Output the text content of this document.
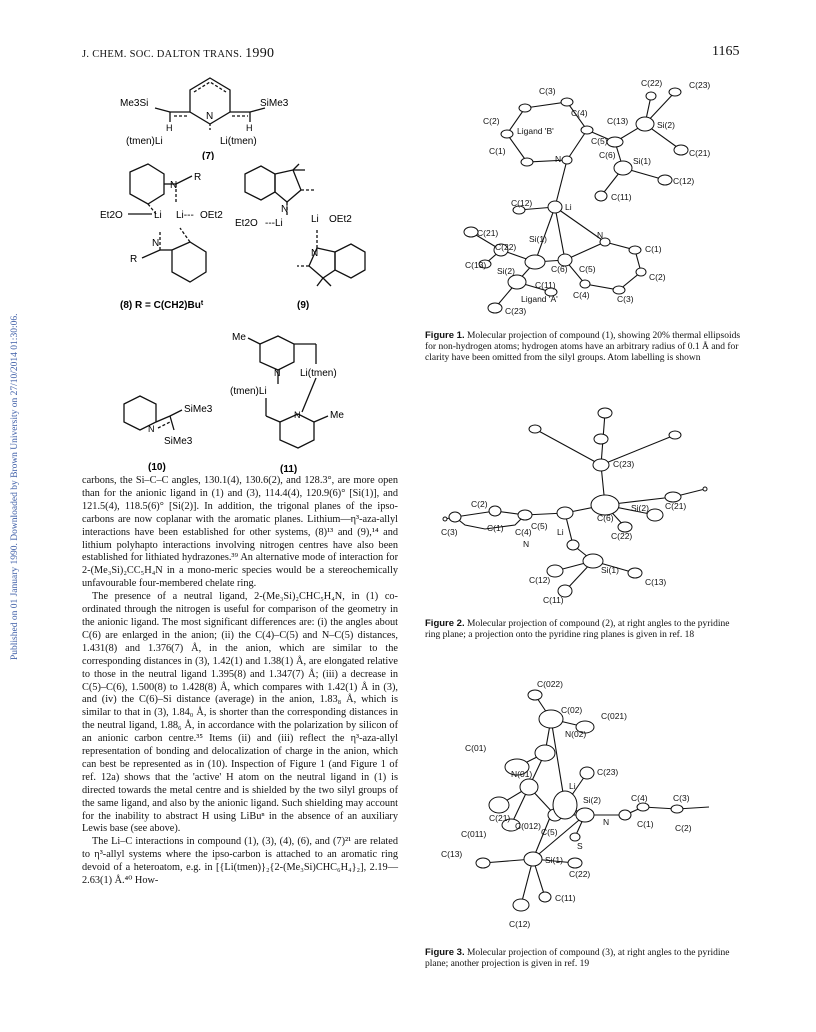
J. CHEM. SOC. DALTON TRANS. 1990	1165
Published on 01 January 1990. Downloaded by Brown University on 27/10/2014 01:30:06.
Me3Si	SiMe3
N
H	H
(tmen)Li	Li(tmen)
(7)
N
R
Et2O	Li Li--- OEt2
N
R
(8) $R = C(CH2)Bu^t$
N
Et2O ---Li	Li OEt2
N
(9)
N
SiMe3
SiMe3
(10)
Me
N
(tmen)Li
Li(tmen)
N	Me
(11)

carbons, the Si–C–C angles, 130.1(4), 130.6(2), and 128.3°, are more open than for the anionic ligand in (1) and (3), 114.4(4), 120.9(6)° [Si(1)], and 121.5(4), 118.5(6)° [Si(2)]. In addition, the trigonal planes of the ipso-carbons are now coplanar with the aromatic planes. Lithium—η³-aza-allyl interactions have been established for other systems, (8)¹³ and (9),¹⁴ and lithium polyhapto interactions involving nitrogen centres have also been established for lithiated hydrazones.³⁹ An alternative mode of interaction for 2-(Me₃Si)₂CC₅H₄N in a mono-meric species would be a stereochemically unfavourable four-membered chelate ring.

The presence of a neutral ligand, 2-(Me₃Si)₂CHC₅H₄N, in (1) co-ordinated through the nitrogen is useful for comparison of the geometry in the anionic ligand. The most significant differences are: (i) the angles about C(6) are enlarged in the anion; (ii) the C(4)–C(5) and N–C(5) distances, 1.431(8) and 1.376(7) Å, in the anion, which are similar to the corresponding distances in (3), 1.42(1) and 1.38(1) Å, are elongated relative to those in the neutral ligand 1.395(8) and 1.347(7) Å; (iii) a decrease in C(5)–C(6), 1.500(8) to 1.428(8) Å, which compares with 1.42(1) Å in (3), and (iv) the C(6)–Si distance (average) in the anion, 1.83₈ Å, which is similar to that in (3), 1.84₀ Å, is shorter than the corresponding distances in the neutral ligand, 1.88₆ Å, in accordance with the polarization by silicon of an anionic carbon centre.³⁵ Items (ii) and (iii) reflect the η³-aza-allyl representation of bonding and delocalization of charge in the anion, which can best be represented as in (10). Inspection of Figure 1 (and Figure 1 of ref. 12a) shows that the 'active' H atom on the neutral ligand in (1) is directed towards the metal centre and is shielded by the two silyl groups of the same ligand, and also by the anionic ligand. Such shielding may account for the inability to abstract H using LiBuⁿ in the absence of an auxiliary Lewis base (see above).

The Li–C interactions in compound (1), (3), (4), (6), and (7)²¹ are related to η³-allyl systems where the ipso-carbon is attached to an aromatic ring devoid of a heteroatom, e.g. in [{Li(tmen)}₂{2-(Me₃Si)CHC₆H₄}₂], 2.19—2.63(1) Å.⁴⁰ How-

C(3)
C(22)	C(23)
C(4)
C(2)
Ligand 'B'
C(13)	Si(2)
C(5)
C(1)	C(6)	C(21)
N	Si(1)
C(11)
C(12)
C(12)	Li
C(21)
Si(1)	N
C(1)
C(22)
C(13)
Si(2)	C(6) C(5)
C(2)
C(11)
C(4)	C(3)
Ligand 'A'
C(23)
Figure 1. Molecular projection of compound (1), showing 20% thermal ellipsoids for non-hydrogen atoms; hydrogen atoms have an arbitrary radius of 0.1 Å and for clarity have been omitted from the silyl groups. Atom labelling is shown
C(23)
C(2)	Si(2) C(21)
C(3)	C(1)	C(5)
C(6)
C(4)
N
Li	C(22)
C(12)
Si(1)
C(13)
C(11)
Figure 2. Molecular projection of compound (2), at right angles to the pyridine ring plane; a projection onto the pyridine ring planes is given in ref. 18
C(022)
C(02)
C(021)
N(02)
C(01)
C(23)
N(01)
Li
Si(2)
C(21)
C(012)
C(4)	C(3)
C(011)	C(5)
N	C(1)	C(2)
S
C(13)
Si(1)
C(22)
C(11)
C(12)
Figure 3. Molecular projection of compound (3), at right angles to the pyridine plane; another projection is given in ref. 19
